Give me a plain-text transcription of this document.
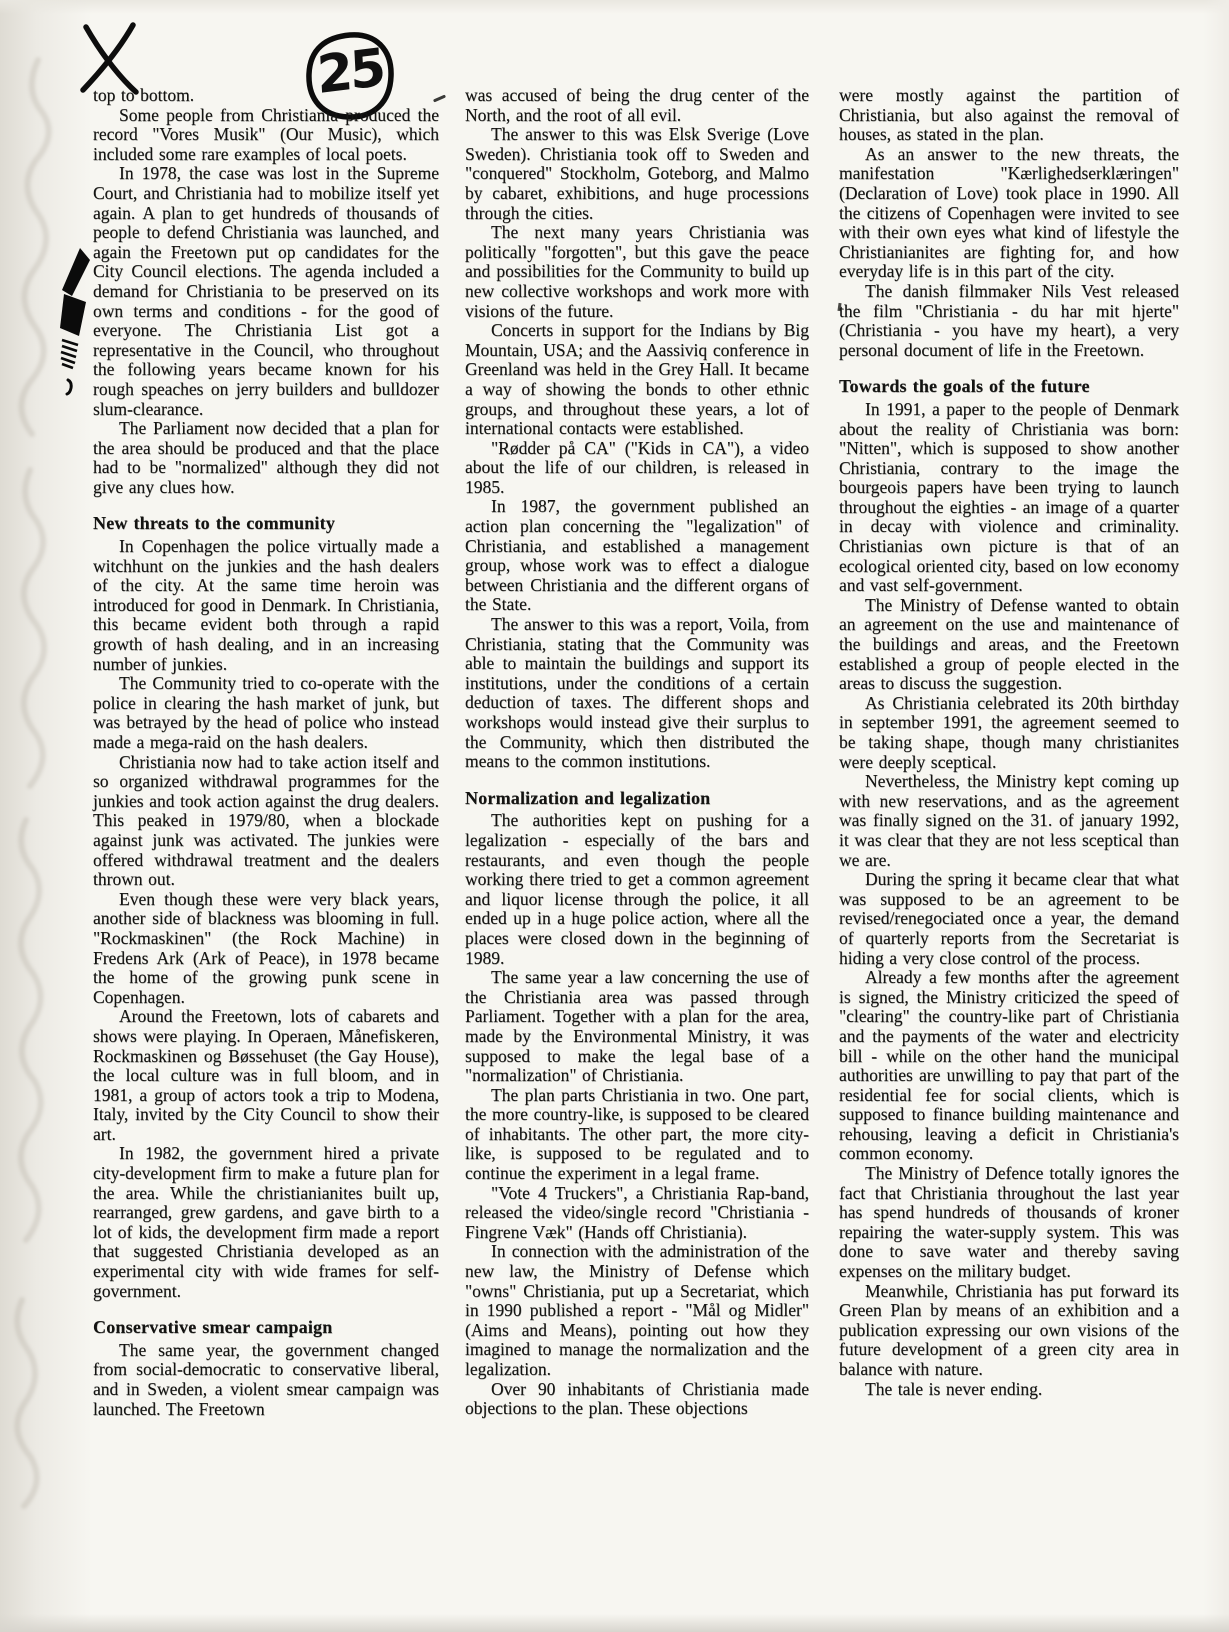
25

top to bottom.

Some people from Christiania produced the record "Vores Musik" (Our Music), which included some rare examples of local poets.

In 1978, the case was lost in the Supreme Court, and Christiania had to mobilize itself yet again. A plan to get hundreds of thousands of people to defend Christiania was launched, and again the Freetown put op candidates for the City Council elections. The agenda included a demand for Christiania to be preserved on its own terms and conditions - for the good of everyone. The Christiania List got a representative in the Council, who throughout the following years became known for his rough speaches on jerry builders and bulldozer slum-clearance.

The Parliament now decided that a plan for the area should be produced and that the place had to be "normalized" although they did not give any clues how.

New threats to the community

In Copenhagen the police virtually made a witchhunt on the junkies and the hash dealers of the city. At the same time heroin was introduced for good in Denmark. In Christiania, this became evident both through a rapid growth of hash dealing, and in an increasing number of junkies.

The Community tried to co-operate with the police in clearing the hash market of junk, but was betrayed by the head of police who instead made a mega-raid on the hash dealers.

Christiania now had to take action itself and so organized withdrawal programmes for the junkies and took action against the drug dealers. This peaked in 1979/80, when a blockade against junk was activated. The junkies were offered withdrawal treatment and the dealers thrown out.

Even though these were very black years, another side of blackness was blooming in full. "Rockmaskinen" (the Rock Machine) in Fredens Ark (Ark of Peace), in 1978 became the home of the growing punk scene in Copenhagen.

Around the Freetown, lots of cabarets and shows were playing. In Operaen, Månefiskeren, Rockmaskinen og Bøssehuset (the Gay House), the local culture was in full bloom, and in 1981, a group of actors took a trip to Modena, Italy, invited by the City Council to show their art.

In 1982, the government hired a private city-development firm to make a future plan for the area. While the christianianites built up, rearranged, grew gardens, and gave birth to a lot of kids, the development firm made a report that suggested Christiania developed as an experimental city with wide frames for self-government.

Conservative smear campaign

The same year, the government changed from social-democratic to conservative liberal, and in Sweden, a violent smear campaign was launched. The Freetown

was accused of being the drug center of the North, and the root of all evil.

The answer to this was Elsk Sverige (Love Sweden). Christiania took off to Sweden and "conquered" Stockholm, Goteborg, and Malmo by cabaret, exhibitions, and huge processions through the cities.

The next many years Christiania was politically "forgotten", but this gave the peace and possibilities for the Community to build up new collective workshops and work more with visions of the future.

Concerts in support for the Indians by Big Mountain, USA; and the Aassiviq conference in Greenland was held in the Grey Hall. It became a way of showing the bonds to other ethnic groups, and throughout these years, a lot of international contacts were established.

"Rødder på CA" ("Kids in CA"), a video about the life of our children, is released in 1985.

In 1987, the government published an action plan concerning the "legalization" of Christiania, and established a management group, whose work was to effect a dialogue between Christiania and the different organs of the State.

The answer to this was a report, Voila, from Christiania, stating that the Community was able to maintain the buildings and support its institutions, under the conditions of a certain deduction of taxes. The different shops and workshops would instead give their surplus to the Community, which then distributed the means to the common institutions.

Normalization and legalization

The authorities kept on pushing for a legalization - especially of the bars and restaurants, and even though the people working there tried to get a common agreement and liquor license through the police, it all ended up in a huge police action, where all the places were closed down in the beginning of 1989.

The same year a law concerning the use of the Christiania area was passed through Parliament. Together with a plan for the area, made by the Environmental Ministry, it was supposed to make the legal base of a "normalization" of Christiania.

The plan parts Christiania in two. One part, the more country-like, is supposed to be cleared of inhabitants. The other part, the more city-like, is supposed to be regulated and to continue the experiment in a legal frame.

"Vote 4 Truckers", a Christiania Rap-band, released the video/single record "Christiania - Fingrene Væk" (Hands off Christiania).

In connection with the administration of the new law, the Ministry of Defense which "owns" Christiania, put up a Secretariat, which in 1990 published a report - "Mål og Midler" (Aims and Means), pointing out how they imagined to manage the normalization and the legalization.

Over 90 inhabitants of Christiania made objections to the plan. These objections

were mostly against the partition of Christiania, but also against the removal of houses, as stated in the plan.

As an answer to the new threats, the manifestation "Kærlighedserklæringen" (Declaration of Love) took place in 1990. All the citizens of Copenhagen were invited to see with their own eyes what kind of lifestyle the Christianianites are fighting for, and how everyday life is in this part of the city.

The danish filmmaker Nils Vest released the film "Christiania - du har mit hjerte" (Christiania - you have my heart), a very personal document of life in the Freetown.

Towards the goals of the future

In 1991, a paper to the people of Denmark about the reality of Christiania was born: "Nitten", which is supposed to show another Christiania, contrary to the image the bourgeois papers have been trying to launch throughout the eighties - an image of a quarter in decay with violence and criminality. Christianias own picture is that of an ecological oriented city, based on low economy and vast self-government.

The Ministry of Defense wanted to obtain an agreement on the use and maintenance of the buildings and areas, and the Freetown established a group of people elected in the areas to discuss the suggestion.

As Christiania celebrated its 20th birthday in september 1991, the agreement seemed to be taking shape, though many christianites were deeply sceptical.

Nevertheless, the Ministry kept coming up with new reservations, and as the agreement was finally signed on the 31. of january 1992, it was clear that they are not less sceptical than we are.

During the spring it became clear that what was supposed to be an agreement to be revised/renegociated once a year, the demand of quarterly reports from the Secretariat is hiding a very close control of the process.

Already a few months after the agreement is signed, the Ministry criticized the speed of "clearing" the country-like part of Christiania and the payments of the water and electricity bill - while on the other hand the municipal authorities are unwilling to pay that part of the residential fee for social clients, which is supposed to finance building maintenance and rehousing, leaving a deficit in Christiania's common economy.

The Ministry of Defence totally ignores the fact that Christiania throughout the last year has spend hundreds of thousands of kroner repairing the water-supply system. This was done to save water and thereby saving expenses on the military budget.

Meanwhile, Christiania has put forward its Green Plan by means of an exhibition and a publication expressing our own visions of the future development of a green city area in balance with nature.

The tale is never ending.
